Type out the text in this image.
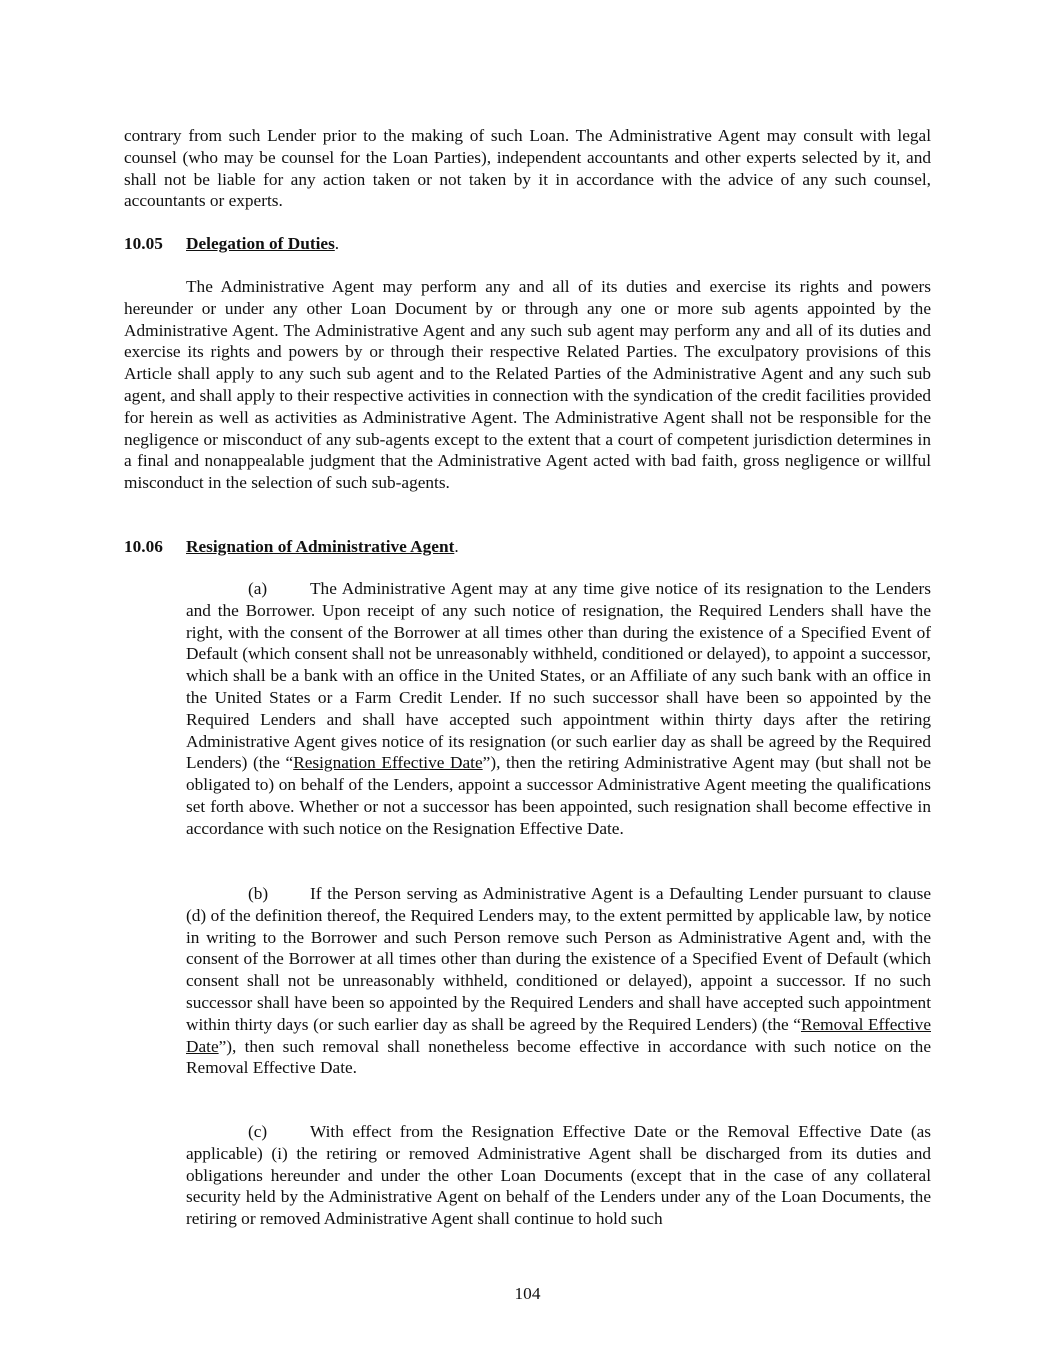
contrary from such Lender prior to the making of such Loan. The Administrative Agent may consult with legal counsel (who may be counsel for the Loan Parties), independent accountants and other experts selected by it, and shall not be liable for any action taken or not taken by it in accordance with the advice of any such counsel, accountants or experts.

10.05 Delegation of Duties.

The Administrative Agent may perform any and all of its duties and exercise its rights and powers hereunder or under any other Loan Document by or through any one or more sub agents appointed by the Administrative Agent. The Administrative Agent and any such sub agent may perform any and all of its duties and exercise its rights and powers by or through their respective Related Parties. The exculpatory provisions of this Article shall apply to any such sub agent and to the Related Parties of the Administrative Agent and any such sub agent, and shall apply to their respective activities in connection with the syndication of the credit facilities provided for herein as well as activities as Administrative Agent. The Administrative Agent shall not be responsible for the negligence or misconduct of any sub-agents except to the extent that a court of competent jurisdiction determines in a final and nonappealable judgment that the Administrative Agent acted with bad faith, gross negligence or willful misconduct in the selection of such sub-agents.

10.06 Resignation of Administrative Agent.

(a) The Administrative Agent may at any time give notice of its resignation to the Lenders and the Borrower. Upon receipt of any such notice of resignation, the Required Lenders shall have the right, with the consent of the Borrower at all times other than during the existence of a Specified Event of Default (which consent shall not be unreasonably withheld, conditioned or delayed), to appoint a successor, which shall be a bank with an office in the United States, or an Affiliate of any such bank with an office in the United States or a Farm Credit Lender. If no such successor shall have been so appointed by the Required Lenders and shall have accepted such appointment within thirty days after the retiring Administrative Agent gives notice of its resignation (or such earlier day as shall be agreed by the Required Lenders) (the “Resignation Effective Date”), then the retiring Administrative Agent may (but shall not be obligated to) on behalf of the Lenders, appoint a successor Administrative Agent meeting the qualifications set forth above. Whether or not a successor has been appointed, such resignation shall become effective in accordance with such notice on the Resignation Effective Date.

(b) If the Person serving as Administrative Agent is a Defaulting Lender pursuant to clause (d) of the definition thereof, the Required Lenders may, to the extent permitted by applicable law, by notice in writing to the Borrower and such Person remove such Person as Administrative Agent and, with the consent of the Borrower at all times other than during the existence of a Specified Event of Default (which consent shall not be unreasonably withheld, conditioned or delayed), appoint a successor. If no such successor shall have been so appointed by the Required Lenders and shall have accepted such appointment within thirty days (or such earlier day as shall be agreed by the Required Lenders) (the “Removal Effective Date”), then such removal shall nonetheless become effective in accordance with such notice on the Removal Effective Date.

(c) With effect from the Resignation Effective Date or the Removal Effective Date (as applicable) (i) the retiring or removed Administrative Agent shall be discharged from its duties and obligations hereunder and under the other Loan Documents (except that in the case of any collateral security held by the Administrative Agent on behalf of the Lenders under any of the Loan Documents, the retiring or removed Administrative Agent shall continue to hold such

104
